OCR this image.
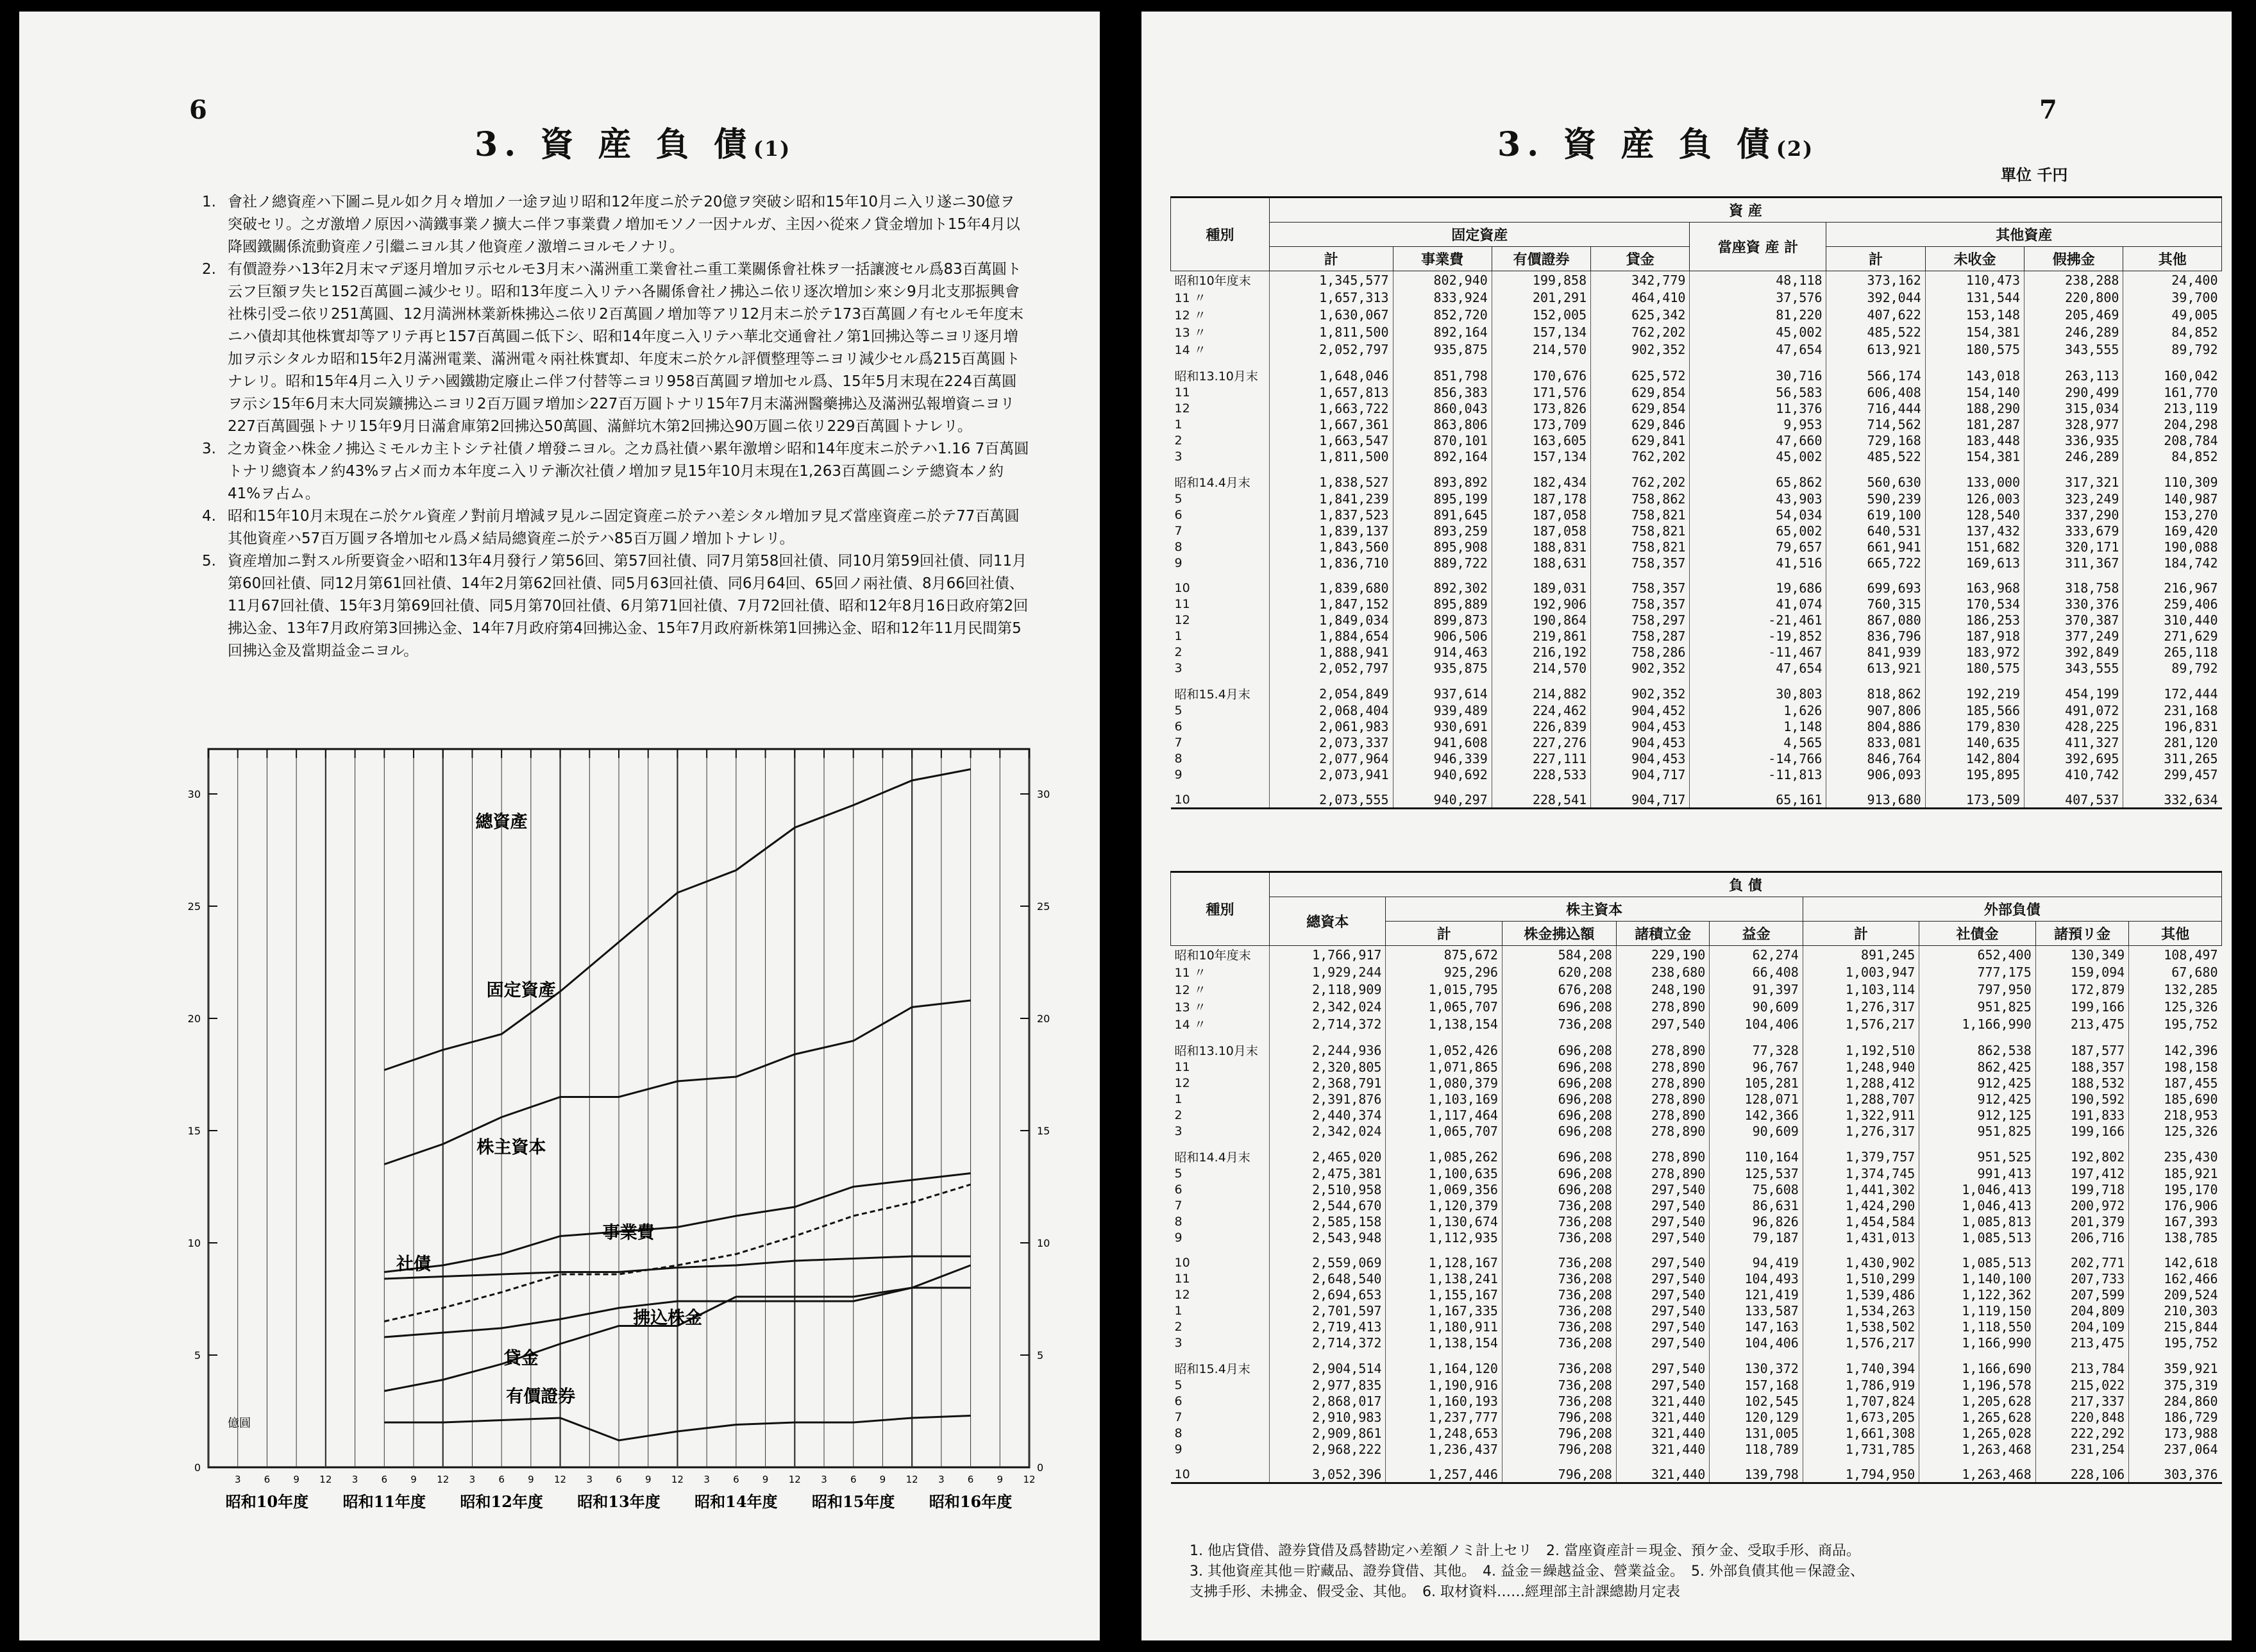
6
3. 資 産 負 債(1)
1. 會社ノ總資産ハ下圖ニ見ル如ク月々増加ノ一途ヲ辿リ昭和12年度ニ於テ20億ヲ突破シ昭和15年10月ニ入リ遂ニ30億ヲ突破セリ。之ガ激増ノ原因ハ満鐵事業ノ擴大ニ伴フ事業費ノ増加モソノ一因ナルガ、主因ハ從來ノ貸金増加ト15年4月以降國鐵關係流動資産ノ引繼ニヨル其ノ他資産ノ激増ニヨルモノナリ。
2. 有價證券ハ13年2月末マデ逐月増加ヲ示セルモ3月末ハ滿洲重工業會社ニ重工業關係會社株ヲ一括讓渡セル爲83百萬圓ト云フ巨額ヲ失ヒ152百萬圓ニ減少セリ。昭和13年度ニ入リテハ各關係會社ノ拂込ニ依リ逐次増加シ來シ9月北支那振興會社株引受ニ依リ251萬圓、12月満洲林業新株拂込ニ依リ2百萬圓ノ増加等アリ12月末ニ於テ173百萬圓ノ有セルモ年度末ニハ債却其他株實却等アリテ再ヒ157百萬圓ニ低下シ、昭和14年度ニ入リテハ華北交通會社ノ第1回拂込等ニヨリ逐月増加ヲ示シタルカ昭和15年2月滿洲電業、滿洲電々兩社株實却、年度末ニ於ケル評價整理等ニヨリ減少セル爲215百萬圓トナレリ。昭和15年4月ニ入リテハ國鐵勘定廢止ニ伴フ付替等ニヨリ958百萬圓ヲ増加セル爲、15年5月末現在224百萬圓ヲ示シ15年6月末大同炭鑛拂込ニヨリ2百万圓ヲ増加シ227百万圓トナリ15年7月末滿洲醫藥拂込及滿洲弘報増資ニヨリ227百萬圓强トナリ15年9月日滿倉庫第2回拂込50萬圓、滿鮮坑木第2回拂込90万圓ニ依リ229百萬圓トナレリ。
3. 之カ資金ハ株金ノ拂込ミモルカ主トシテ社債ノ増發ニヨル。之カ爲社債ハ累年激増シ昭和14年度末ニ於テハ1.16 7百萬圓トナリ總資本ノ約43%ヲ占メ而カ本年度ニ入リテ漸次社債ノ増加ヲ見15年10月末現在1,263百萬圓ニシテ總資本ノ約41%ヲ占ム。
4. 昭和15年10月末現在ニ於ケル資産ノ對前月増減ヲ見ルニ固定資産ニ於テハ差シタル増加ヲ見ズ當座資産ニ於テ77百萬圓其他資産ハ57百万圓ヲ各増加セル爲メ結局總資産ニ於テハ85百万圓ノ増加トナレリ。
5. 資産増加ニ對スル所要資金ハ昭和13年4月發行ノ第56回、第57回社債、同7月第58回社債、同10月第59回社債、同11月第60回社債、同12月第61回社債、14年2月第62回社債、同5月63回社債、同6月64回、65回ノ兩社債、8月66回社債、11月67回社債、15年3月第69回社債、同5月第70回社債、6月第71回社債、7月72回社債、昭和12年8月16日政府第2回拂込金、13年7月政府第3回拂込金、14年7月政府第4回拂込金、15年7月政府新株第1回拂込金、昭和12年11月民間第5回拂込金及當期益金ニヨル。
0	0
5	5
10	10
15	15
20	20
25	25
30	30
3 6 9 12
昭和10年度
3 6 9 12
昭和11年度
3 6 9 12
昭和12年度
3 6 9 12
昭和13年度
3 6 9 12
昭和14年度
3 6 9 12
昭和15年度
3 6 9 12
昭和16年度
億圓
總資產
固定資產
株主資本
事業費
社債
拂込株金
貸金
有價證券
7
3. 資 産 負 債(2)
單位 千円
種別	資 産								
	固定資産				當座資 産 計	其他資産			
	計	事業費	有價證券	貸金		計	未收金	假拂金	其他
昭和10年度末	1,345,577	802,940	199,858	342,779	48,118	373,162	110,473	238,288	24,400
11 〃	1,657,313	833,924	201,291	464,410	37,576	392,044	131,544	220,800	39,700
12 〃	1,630,067	852,720	152,005	625,342	81,220	407,622	153,148	205,469	49,005
13 〃	1,811,500	892,164	157,134	762,202	45,002	485,522	154,381	246,289	84,852
14 〃	2,052,797	935,875	214,570	902,352	47,654	613,921	180,575	343,555	89,792

昭和13.10月末	1,648,046	851,798	170,676	625,572	30,716	566,174	143,018	263,113	160,042
11	1,657,813	856,383	171,576	629,854	56,583	606,408	154,140	290,499	161,770
12	1,663,722	860,043	173,826	629,854	11,376	716,444	188,290	315,034	213,119
1	1,667,361	863,806	173,709	629,846	9,953	714,562	181,287	328,977	204,298
2	1,663,547	870,101	163,605	629,841	47,660	729,168	183,448	336,935	208,784
3	1,811,500	892,164	157,134	762,202	45,002	485,522	154,381	246,289	84,852

昭和14.4月末	1,838,527	893,892	182,434	762,202	65,862	560,630	133,000	317,321	110,309
5	1,841,239	895,199	187,178	758,862	43,903	590,239	126,003	323,249	140,987
6	1,837,523	891,645	187,058	758,821	54,034	619,100	128,540	337,290	153,270
7	1,839,137	893,259	187,058	758,821	65,002	640,531	137,432	333,679	169,420
8	1,843,560	895,908	188,831	758,821	79,657	661,941	151,682	320,171	190,088
9	1,836,710	889,722	188,631	758,357	41,516	665,722	169,613	311,367	184,742

10	1,839,680	892,302	189,031	758,357	19,686	699,693	163,968	318,758	216,967
11	1,847,152	895,889	192,906	758,357	41,074	760,315	170,534	330,376	259,406
12	1,849,034	899,873	190,864	758,297	-21,461	867,080	186,253	370,387	310,440
1	1,884,654	906,506	219,861	758,287	-19,852	836,796	187,918	377,249	271,629
2	1,888,941	914,463	216,192	758,286	-11,467	841,939	183,972	392,849	265,118
3	2,052,797	935,875	214,570	902,352	47,654	613,921	180,575	343,555	89,792

昭和15.4月末	2,054,849	937,614	214,882	902,352	30,803	818,862	192,219	454,199	172,444
5	2,068,404	939,489	224,462	904,452	1,626	907,806	185,566	491,072	231,168
6	2,061,983	930,691	226,839	904,453	1,148	804,886	179,830	428,225	196,831
7	2,073,337	941,608	227,276	904,453	4,565	833,081	140,635	411,327	281,120
8	2,077,964	946,339	227,111	904,453	-14,766	846,764	142,804	392,695	311,265
9	2,073,941	940,692	228,533	904,717	-11,813	906,093	195,895	410,742	299,457

10	2,073,555	940,297	228,541	904,717	65,161	913,680	173,509	407,537	332,634
種別	負 債								
	總資本	株主資本				外部負債			
		計	株金拂込額	諸積立金	益金	計	社債金	諸預リ金	其他
昭和10年度末	1,766,917	875,672	584,208	229,190	62,274	891,245	652,400	130,349	108,497
11 〃	1,929,244	925,296	620,208	238,680	66,408	1,003,947	777,175	159,094	67,680
12 〃	2,118,909	1,015,795	676,208	248,190	91,397	1,103,114	797,950	172,879	132,285
13 〃	2,342,024	1,065,707	696,208	278,890	90,609	1,276,317	951,825	199,166	125,326
14 〃	2,714,372	1,138,154	736,208	297,540	104,406	1,576,217	1,166,990	213,475	195,752

昭和13.10月末	2,244,936	1,052,426	696,208	278,890	77,328	1,192,510	862,538	187,577	142,396
11	2,320,805	1,071,865	696,208	278,890	96,767	1,248,940	862,425	188,357	198,158
12	2,368,791	1,080,379	696,208	278,890	105,281	1,288,412	912,425	188,532	187,455
1	2,391,876	1,103,169	696,208	278,890	128,071	1,288,707	912,425	190,592	185,690
2	2,440,374	1,117,464	696,208	278,890	142,366	1,322,911	912,125	191,833	218,953
3	2,342,024	1,065,707	696,208	278,890	90,609	1,276,317	951,825	199,166	125,326

昭和14.4月末	2,465,020	1,085,262	696,208	278,890	110,164	1,379,757	951,525	192,802	235,430
5	2,475,381	1,100,635	696,208	278,890	125,537	1,374,745	991,413	197,412	185,921
6	2,510,958	1,069,356	696,208	297,540	75,608	1,441,302	1,046,413	199,718	195,170
7	2,544,670	1,120,379	736,208	297,540	86,631	1,424,290	1,046,413	200,972	176,906
8	2,585,158	1,130,674	736,208	297,540	96,826	1,454,584	1,085,813	201,379	167,393
9	2,543,948	1,112,935	736,208	297,540	79,187	1,431,013	1,085,513	206,716	138,785

10	2,559,069	1,128,167	736,208	297,540	94,419	1,430,902	1,085,513	202,771	142,618
11	2,648,540	1,138,241	736,208	297,540	104,493	1,510,299	1,140,100	207,733	162,466
12	2,694,653	1,155,167	736,208	297,540	121,419	1,539,486	1,122,362	207,599	209,524
1	2,701,597	1,167,335	736,208	297,540	133,587	1,534,263	1,119,150	204,809	210,303
2	2,719,413	1,180,911	736,208	297,540	147,163	1,538,502	1,118,550	204,109	215,844
3	2,714,372	1,138,154	736,208	297,540	104,406	1,576,217	1,166,990	213,475	195,752

昭和15.4月末	2,904,514	1,164,120	736,208	297,540	130,372	1,740,394	1,166,690	213,784	359,921
5	2,977,835	1,190,916	736,208	297,540	157,168	1,786,919	1,196,578	215,022	375,319
6	2,868,017	1,160,193	736,208	321,440	102,545	1,707,824	1,205,628	217,337	284,860
7	2,910,983	1,237,777	796,208	321,440	120,129	1,673,205	1,265,628	220,848	186,729
8	2,909,861	1,248,653	796,208	321,440	131,005	1,661,308	1,265,028	222,292	173,988
9	2,968,222	1,236,437	796,208	321,440	118,789	1,731,785	1,263,468	231,254	237,064

10	3,052,396	1,257,446	796,208	321,440	139,798	1,794,950	1,263,468	228,106	303,376
1. 他店貸借、證券貸借及爲替勘定ハ差額ノミ計上セリ　2. 當座資産計＝現金、預ケ金、受取手形、商品。
3. 其他資産其他＝貯藏品、證券貸借、其他。　4. 益金＝繰越益金、營業益金。　5. 外部負債其他＝保證金、
支拂手形、未拂金、假受金、其他。　6. 取材資料……經理部主計課總勘月定表
